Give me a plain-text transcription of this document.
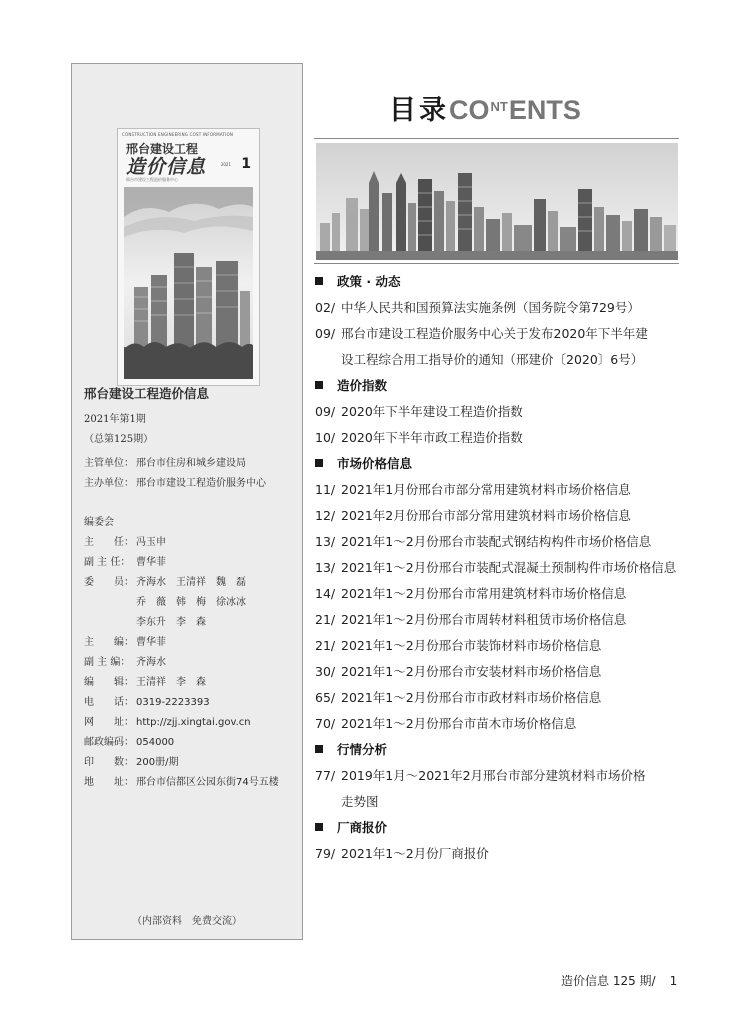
CONSTRUCTION ENGINEERING COST INFORMATION
邢台建设工程
造价信息	2021 1
邢台市建设工程造价服务中心
邢台建设工程造价信息
2021年第1期
（总第125期）
主管单位： 邢台市住房和城乡建设局
主办单位： 邢台市建设工程造价服务中心
编委会
主　　任： 冯玉申
副 主 任： 曹华菲
委　　员： 齐海水　王清祥　魏　磊
乔　薇　韩　梅　徐冰冰
李东升　李　森
主　　编： 曹华菲
副 主 编： 齐海水
编　　辑： 王清祥　李　森
电　　话： 0319-2223393
网　　址： http://zjj.xingtai.gov.cn
邮政编码： 054000
印　　数： 200册/期
地　　址： 邢台市信都区公园东街74号五楼
（内部资料　免费交流）
目录$CO^{NT}ENTS$
政策 · 动态
02/ 中华人民共和国预算法实施条例（国务院令第729号）
09/ 邢台市建设工程造价服务中心关于发布2020年下半年建
设工程综合用工指导价的通知（邢建价〔2020〕6号）
造价指数
09/ 2020年下半年建设工程造价指数
10/ 2020年下半年市政工程造价指数
市场价格信息
11/ 2021年1月份邢台市部分常用建筑材料市场价格信息
12/ 2021年2月份邢台市部分常用建筑材料市场价格信息
13/ 2021年1～2月份邢台市装配式钢结构构件市场价格信息
13/ 2021年1～2月份邢台市装配式混凝土预制构件市场价格信息
14/ 2021年1～2月份邢台市常用建筑材料市场价格信息
21/ 2021年1～2月份邢台市周转材料租赁市场价格信息
21/ 2021年1～2月份邢台市装饰材料市场价格信息
30/ 2021年1～2月份邢台市安装材料市场价格信息
65/ 2021年1～2月份邢台市市政材料市场价格信息
70/ 2021年1～2月份邢台市苗木市场价格信息
行情分析
77/ 2019年1月～2021年2月邢台市部分建筑材料市场价格
走势图
厂商报价
79/ 2021年1～2月份厂商报价
造价信息 125 期/ 1
